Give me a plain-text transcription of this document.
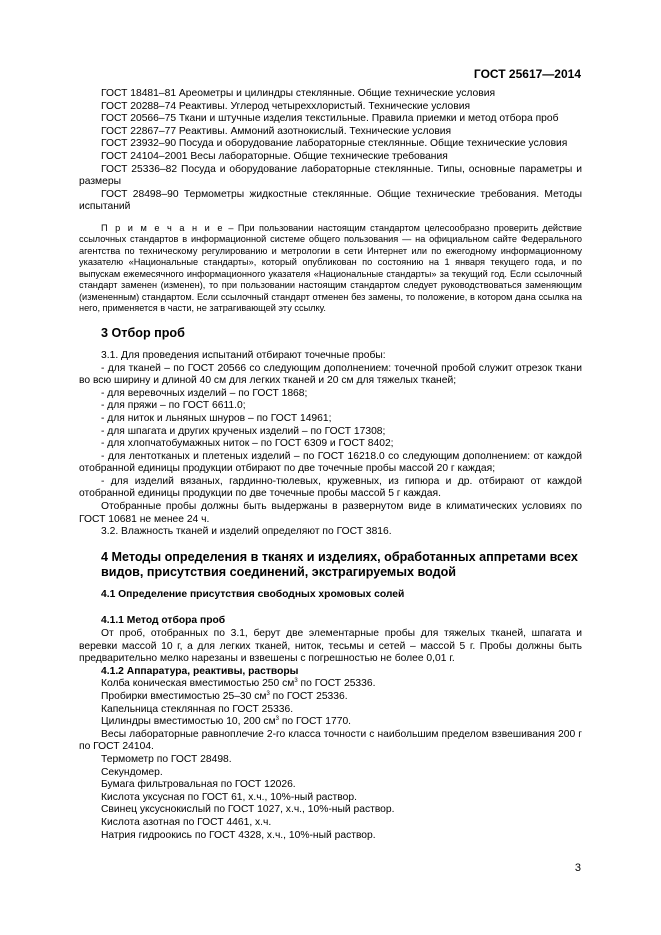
ГОСТ 25617—2014

ГОСТ 18481–81 Ареометры и цилиндры стеклянные. Общие технические условия

ГОСТ 20288–74 Реактивы. Углерод четыреххлористый. Технические условия

ГОСТ 20566–75 Ткани и штучные изделия текстильные. Правила приемки и метод отбора проб

ГОСТ 22867–77 Реактивы. Аммоний азотнокислый. Технические условия

ГОСТ 23932–90 Посуда и оборудование лабораторные стеклянные. Общие технические условия

ГОСТ 24104–2001 Весы лабораторные. Общие технические требования

ГОСТ 25336–82 Посуда и оборудование лабораторные стеклянные. Типы, основные параметры и размеры

ГОСТ 28498–90 Термометры жидкостные стеклянные. Общие технические требования. Методы испытаний

П р и м е ч а н и е – При пользовании настоящим стандартом целесообразно проверить действие ссылочных стандартов в информационной системе общего пользования — на официальном сайте Федерального агентства по техническому регулированию и метрологии в сети Интернет или по ежегодному информационному указателю «Национальные стандарты», который опубликован по состоянию на 1 января текущего года, и по выпускам ежемесячного информационного указателя «Национальные стандарты» за текущий год. Если ссылочный стандарт заменен (изменен), то при пользовании настоящим стандартом следует руководствоваться заменяющим (измененным) стандартом. Если ссылочный стандарт отменен без замены, то положение, в котором дана ссылка на него, применяется в части, не затрагивающей эту ссылку.

3 Отбор проб

3.1. Для проведения испытаний отбирают точечные пробы:

- для тканей – по ГОСТ 20566 со следующим дополнением: точечной пробой служит отрезок ткани во всю ширину и длиной 40 см для легких тканей и 20 см для тяжелых тканей;

- для веревочных изделий – по ГОСТ 1868;

- для пряжи – по ГОСТ 6611.0;

- для ниток и льняных шнуров – по ГОСТ 14961;

- для шпагата и других крученых изделий – по ГОСТ 17308;

- для хлопчатобумажных ниток – по ГОСТ 6309 и ГОСТ 8402;

- для лентотканых и плетеных изделий – по ГОСТ 16218.0 со следующим дополнением: от каждой отобранной единицы продукции отбирают по две точечные пробы массой 20 г каждая;

- для изделий вязаных, гардинно-тюлевых, кружевных, из гипюра и др. отбирают от каждой отобранной единицы продукции по две точечные пробы массой 5 г каждая.

Отобранные пробы должны быть выдержаны в развернутом виде в климатических условиях по ГОСТ 10681 не менее 24 ч.

3.2. Влажность тканей и изделий определяют по ГОСТ 3816.

4 Методы определения в тканях и изделиях, обработанных аппретами всех видов, присутствия соединений, экстрагируемых водой
4.1 Определение присутствия свободных хромовых солей
4.1.1 Метод отбора проб

От проб, отобранных по 3.1, берут две элементарные пробы для тяжелых тканей, шпагата и веревки массой 10 г, а для легких тканей, ниток, тесьмы и сетей – массой 5 г. Пробы должны быть предварительно мелко нарезаны и взвешены с погрешностью не более 0,01 г.

4.1.2 Аппаратура, реактивы, растворы

Колба коническая вместимостью 250 $см^3$ по ГОСТ 25336.

Пробирки вместимостью 25–30 $см^3$ по ГОСТ 25336.

Капельница стеклянная по ГОСТ 25336.

Цилиндры вместимостью 10, 200 $см^3$ по ГОСТ 1770.

Весы лабораторные равноплечие 2-го класса точности с наибольшим пределом взвешивания 200 г по ГОСТ 24104.

Термометр по ГОСТ 28498.

Секундомер.

Бумага фильтровальная по ГОСТ 12026.

Кислота уксусная по ГОСТ 61, х.ч., 10%-ный раствор.

Свинец уксуснокислый по ГОСТ 1027, х.ч., 10%-ный раствор.

Кислота азотная по ГОСТ 4461, х.ч.

Натрия гидроокись по ГОСТ 4328, х.ч., 10%-ный раствор.

3
